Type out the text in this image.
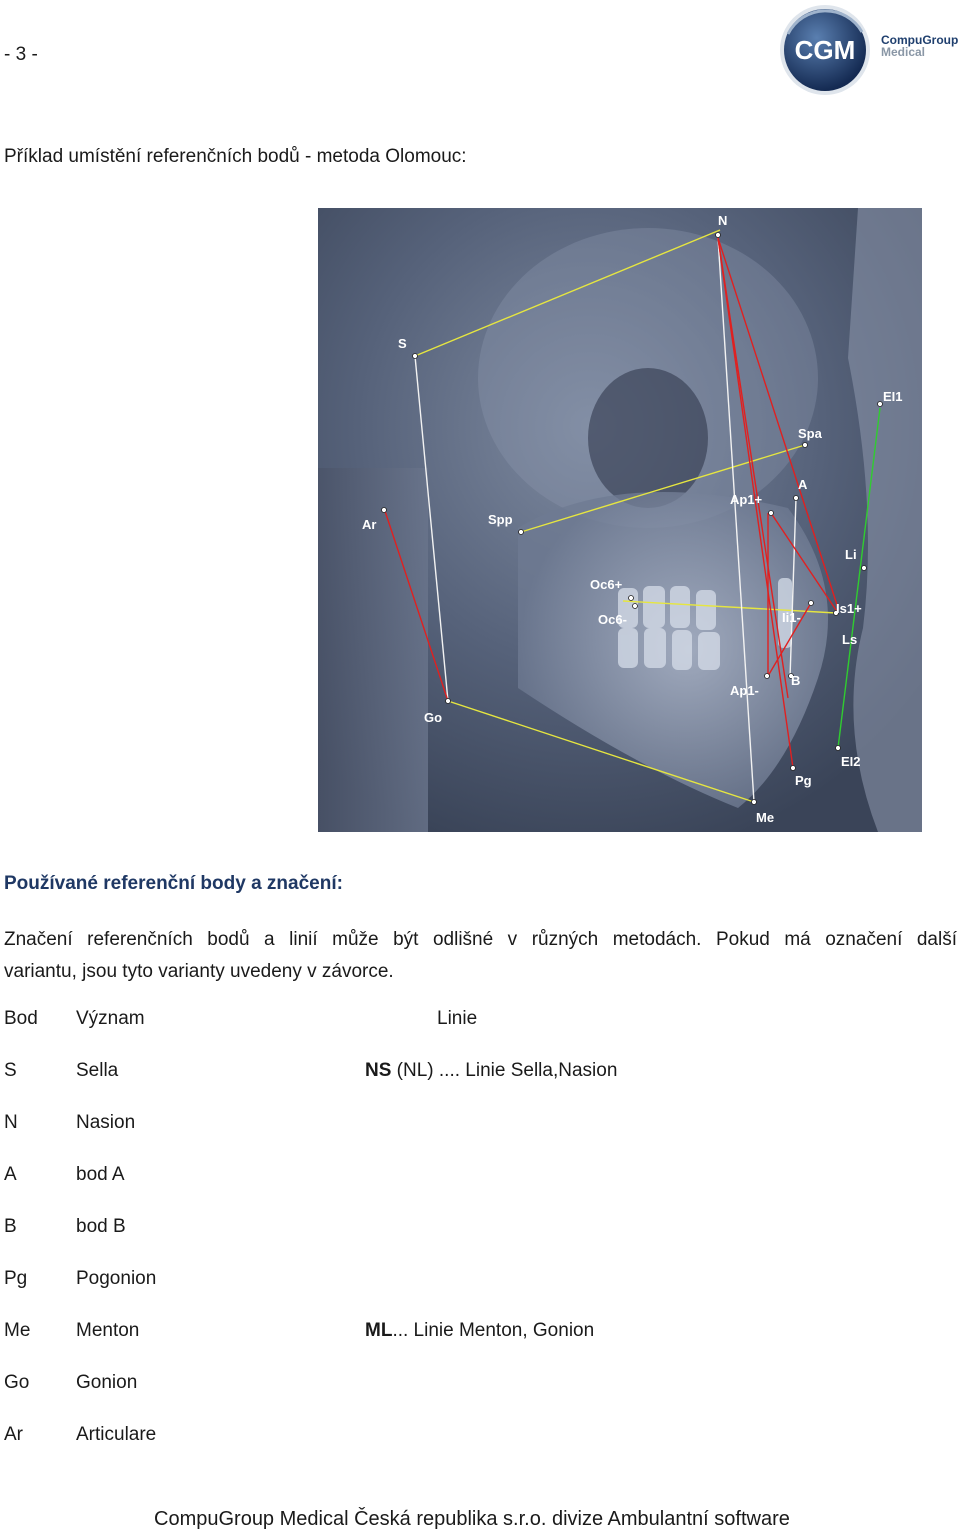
- 3 -	CGM CompuGroup
Medical
Příklad umístění referenčních bodů - metoda Olomouc:
N
S
EI1
Spa
A
Ap1+
Spp
Ar
Li
Oc6+
Oc6-	Ii1-
Is1+
Ls
B
Ap1-
Go
EI2
Pg
Me
Používané referenční body a značení:
Značení referenčních bodů a linií může být odlišné v různých metodách. Pokud má označení další
variantu, jsou tyto varianty uvedeny v závorce.
Bod Význam	Linie
S	Sella	NS (NL) .... Linie Sella,Nasion
N	Nasion
A	bod A
B	bod B
Pg	Pogonion
Me Menton	ML... Linie Menton, Gonion
Go Gonion
Ar	Articulare
CompuGroup Medical Česká republika s.r.o. divize Ambulantní software
